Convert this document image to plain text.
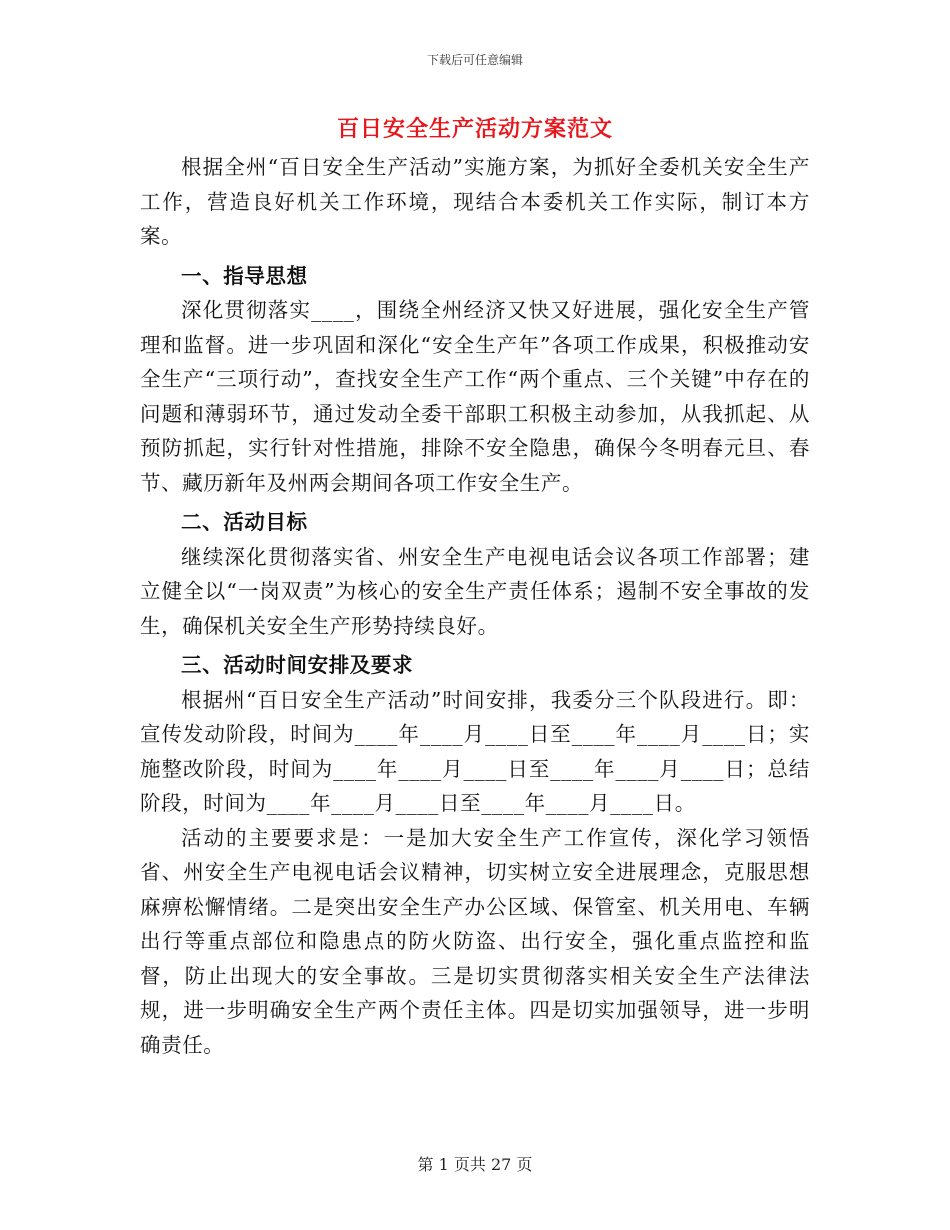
下载后可任意编辑
百日安全生产活动方案范文

根据全州“百日安全生产活动”实施方案，为抓好全委机关安全生产工作，营造良好机关工作环境，现结合本委机关工作实际，制订本方案。

一、指导思想

深化贯彻落实____，围绕全州经济又快又好进展，强化安全生产管理和监督。进一步巩固和深化“安全生产年”各项工作成果，积极推动安全生产“三项行动”，查找安全生产工作“两个重点、三个关键”中存在的问题和薄弱环节，通过发动全委干部职工积极主动参加，从我抓起、从预防抓起，实行针对性措施，排除不安全隐患，确保今冬明春元旦、春节、藏历新年及州两会期间各项工作安全生产。

二、活动目标

继续深化贯彻落实省、州安全生产电视电话会议各项工作部署；建立健全以“一岗双责”为核心的安全生产责任体系；遏制不安全事故的发生，确保机关安全生产形势持续良好。

三、活动时间安排及要求

根据州“百日安全生产活动”时间安排，我委分三个队段进行。即：宣传发动阶段，时间为____年____月____日至____年____月____日；实施整改阶段，时间为____年____月____日至____年____月____日；总结阶段，时间为____年____月____日至____年____月____日。

活动的主要要求是：一是加大安全生产工作宣传，深化学习领悟省、州安全生产电视电话会议精神，切实树立安全进展理念，克服思想麻痹松懈情绪。二是突出安全生产办公区域、保管室、机关用电、车辆出行等重点部位和隐患点的防火防盗、出行安全，强化重点监控和监督，防止出现大的安全事故。三是切实贯彻落实相关安全生产法律法规，进一步明确安全生产两个责任主体。四是切实加强领导，进一步明确责任。

第 1 页共 27 页
